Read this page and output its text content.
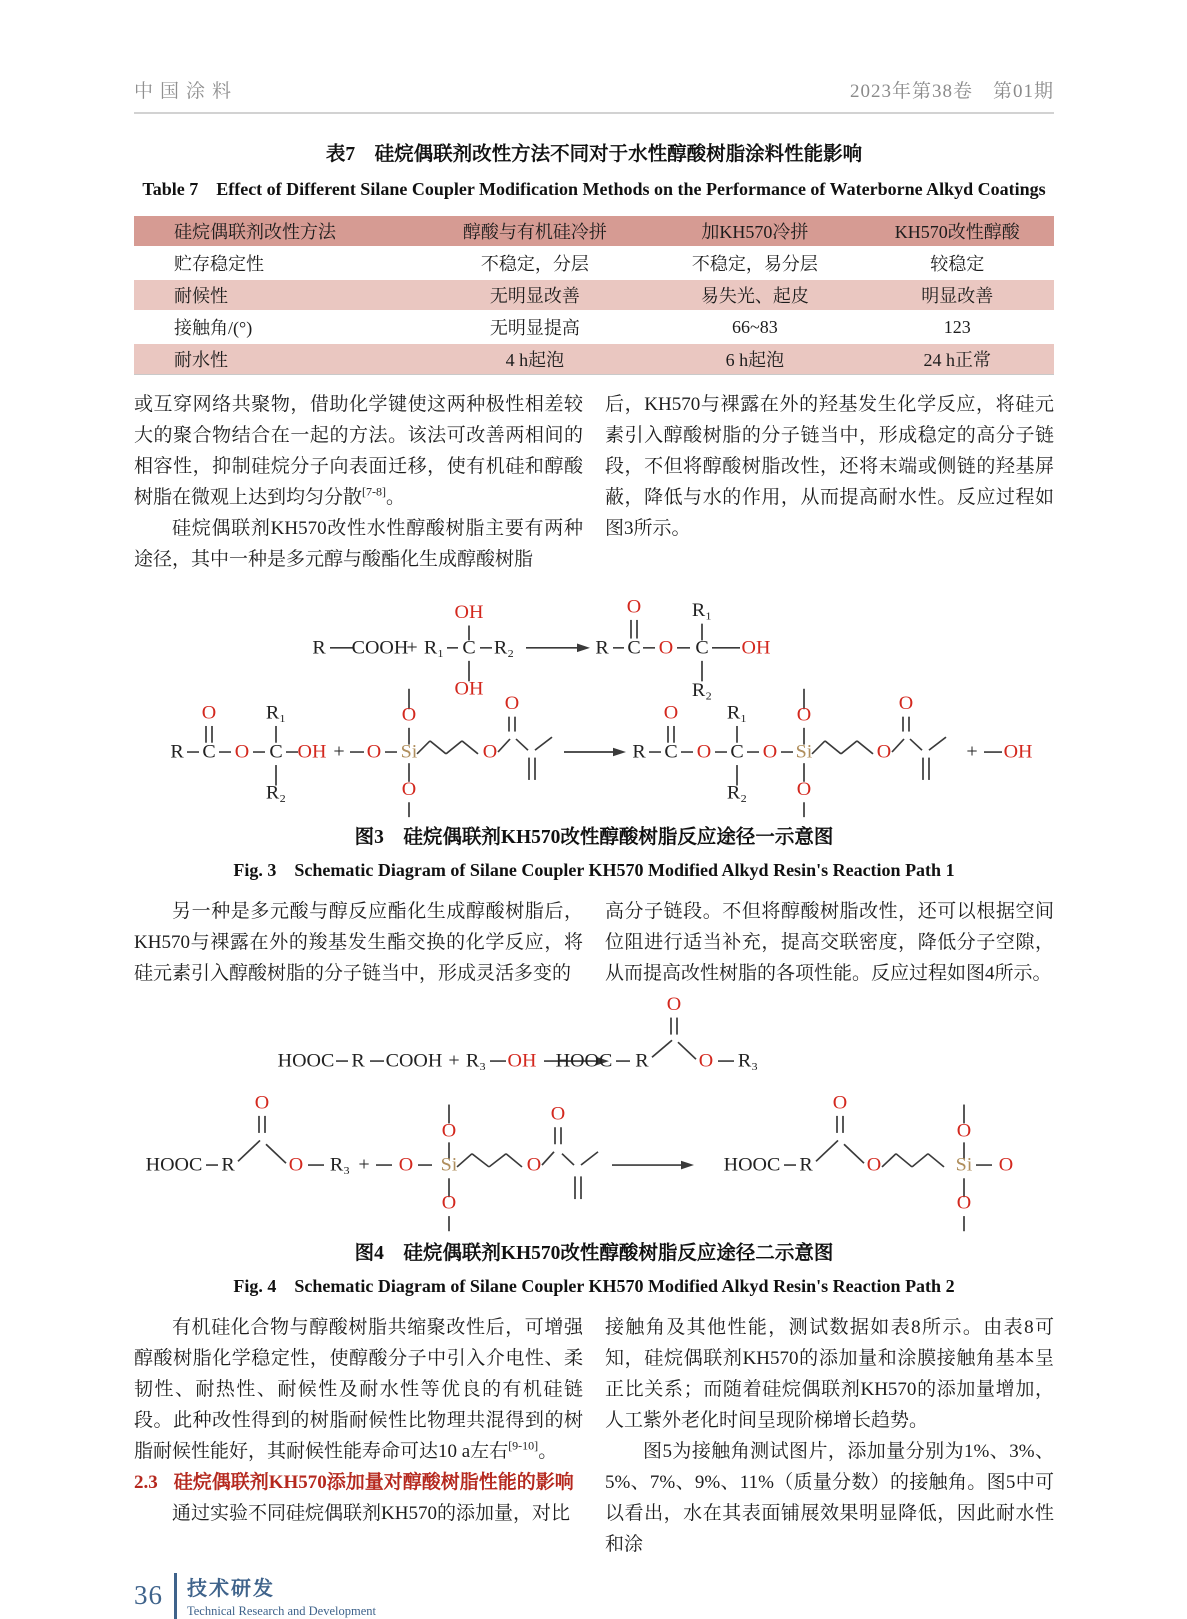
中国涂料	2023年第38卷　第01期
表7　硅烷偶联剂改性方法不同对于水性醇酸树脂涂料性能影响
Table 7　Effect of Different Silane Coupler Modification Methods on the Performance of Waterborne Alkyd Coatings
硅烷偶联剂改性方法	醇酸与有机硅冷拼	加KH570冷拼	KH570改性醇酸
贮存稳定性	不稳定，分层	不稳定，易分层	较稳定
耐候性	无明显改善	易失光、起皮	明显改善
接触角/(°)	无明显提高	66~83	123
耐水性	4 h起泡	6 h起泡	24 h正常

或互穿网络共聚物，借助化学键使这两种极性相差较大的聚合物结合在一起的方法。该法可改善两相间的相容性，抑制硅烷分子向表面迁移，使有机硅和醇酸树脂在微观上达到均匀分散[7-8]。

硅烷偶联剂KH570改性水性醇酸树脂主要有两种途径，其中一种是多元醇与酸酯化生成醇酸树脂

后，KH570与裸露在外的羟基发生化学反应，将硅元素引入醇酸树脂的分子链当中，形成稳定的高分子链段，不但将醇酸树脂改性，还将末端或侧链的羟基屏蔽，降低与水的作用，从而提高耐水性。反应过程如图3所示。

R COOH
+ R₁ C R₂
OH
OH
R C
O
O C
R₁
R₂
OH
R C
O
O C
R₁
R₂
OH + O Si
O
O
O
O
R C
O
O C
R₁
R₂
O Si
O
O
O
O
+ OH
图3　硅烷偶联剂KH570改性醇酸树脂反应途径一示意图
Fig. 3　Schematic Diagram of Silane Coupler KH570 Modified Alkyd Resin's Reaction Path 1

另一种是多元酸与醇反应酯化生成醇酸树脂后，KH570与裸露在外的羧基发生酯交换的化学反应，将硅元素引入醇酸树脂的分子链当中，形成灵活多变的

高分子链段。不但将醇酸树脂改性，还可以根据空间位阻进行适当补充，提高交联密度，降低分子空隙，从而提高改性树脂的各项性能。反应过程如图4所示。

HOOC R COOH + R₃ OH HOOC R
O
O R₃
HOOC R
O
O R₃ + O Si
O
O
O
O
HOOC R
O
O	Si
O
O
O
图4　硅烷偶联剂KH570改性醇酸树脂反应途径二示意图
Fig. 4　Schematic Diagram of Silane Coupler KH570 Modified Alkyd Resin's Reaction Path 2

有机硅化合物与醇酸树脂共缩聚改性后，可增强醇酸树脂化学稳定性，使醇酸分子中引入介电性、柔韧性、耐热性、耐候性及耐水性等优良的有机硅链段。此种改性得到的树脂耐候性比物理共混得到的树脂耐候性能好，其耐候性能寿命可达10 a左右[9-10]。

2.3 硅烷偶联剂KH570添加量对醇酸树脂性能的影响

通过实验不同硅烷偶联剂KH570的添加量，对比

接触角及其他性能，测试数据如表8所示。由表8可知，硅烷偶联剂KH570的添加量和涂膜接触角基本呈正比关系；而随着硅烷偶联剂KH570的添加量增加，人工紫外老化时间呈现阶梯增长趋势。

图5为接触角测试图片，添加量分别为1%、3%、5%、7%、9%、11%（质量分数）的接触角。图5中可以看出，水在其表面铺展效果明显降低，因此耐水性和涂

36 技术研发
Technical Research and Development
